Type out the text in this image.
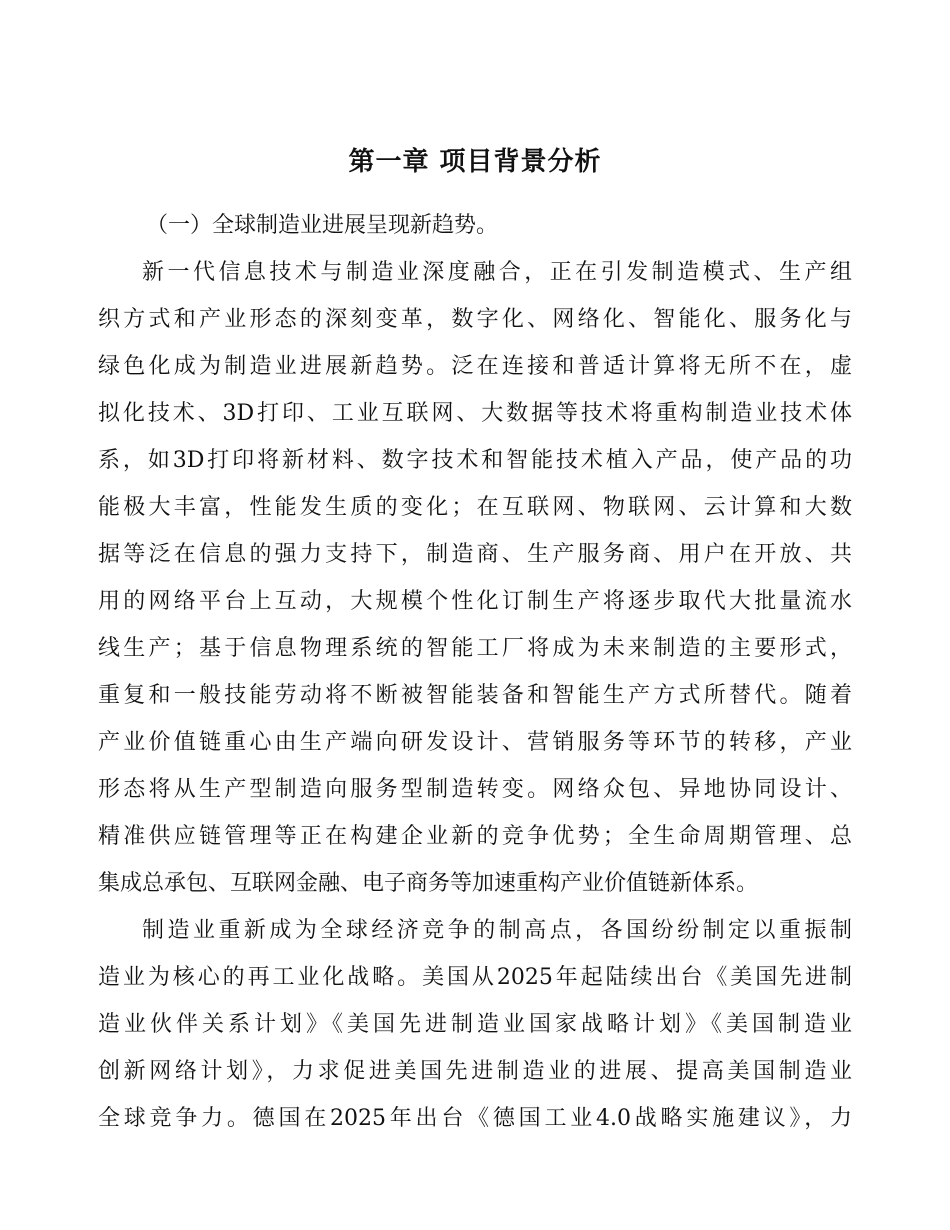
第一章 项目背景分析

（一）全球制造业进展呈现新趋势。

新一代信息技术与制造业深度融合，正在引发制造模式、生产组

织方式和产业形态的深刻变革，数字化、网络化、智能化、服务化与

绿色化成为制造业进展新趋势。泛在连接和普适计算将无所不在，虚

拟化技术、3D打印、工业互联网、大数据等技术将重构制造业技术体

系，如3D打印将新材料、数字技术和智能技术植入产品，使产品的功

能极大丰富，性能发生质的变化；在互联网、物联网、云计算和大数

据等泛在信息的强力支持下，制造商、生产服务商、用户在开放、共

用的网络平台上互动，大规模个性化订制生产将逐步取代大批量流水

线生产；基于信息物理系统的智能工厂将成为未来制造的主要形式，

重复和一般技能劳动将不断被智能装备和智能生产方式所替代。随着

产业价值链重心由生产端向研发设计、营销服务等环节的转移，产业

形态将从生产型制造向服务型制造转变。网络众包、异地协同设计、

精准供应链管理等正在构建企业新的竞争优势；全生命周期管理、总

集成总承包、互联网金融、电子商务等加速重构产业价值链新体系。

制造业重新成为全球经济竞争的制高点，各国纷纷制定以重振制

造业为核心的再工业化战略。美国从2025年起陆续出台《美国先进制

造业伙伴关系计划》《美国先进制造业国家战略计划》《美国制造业

创新网络计划》，力求促进美国先进制造业的进展、提高美国制造业

全球竞争力。德国在2025年出台《德国工业4.0战略实施建议》，力
